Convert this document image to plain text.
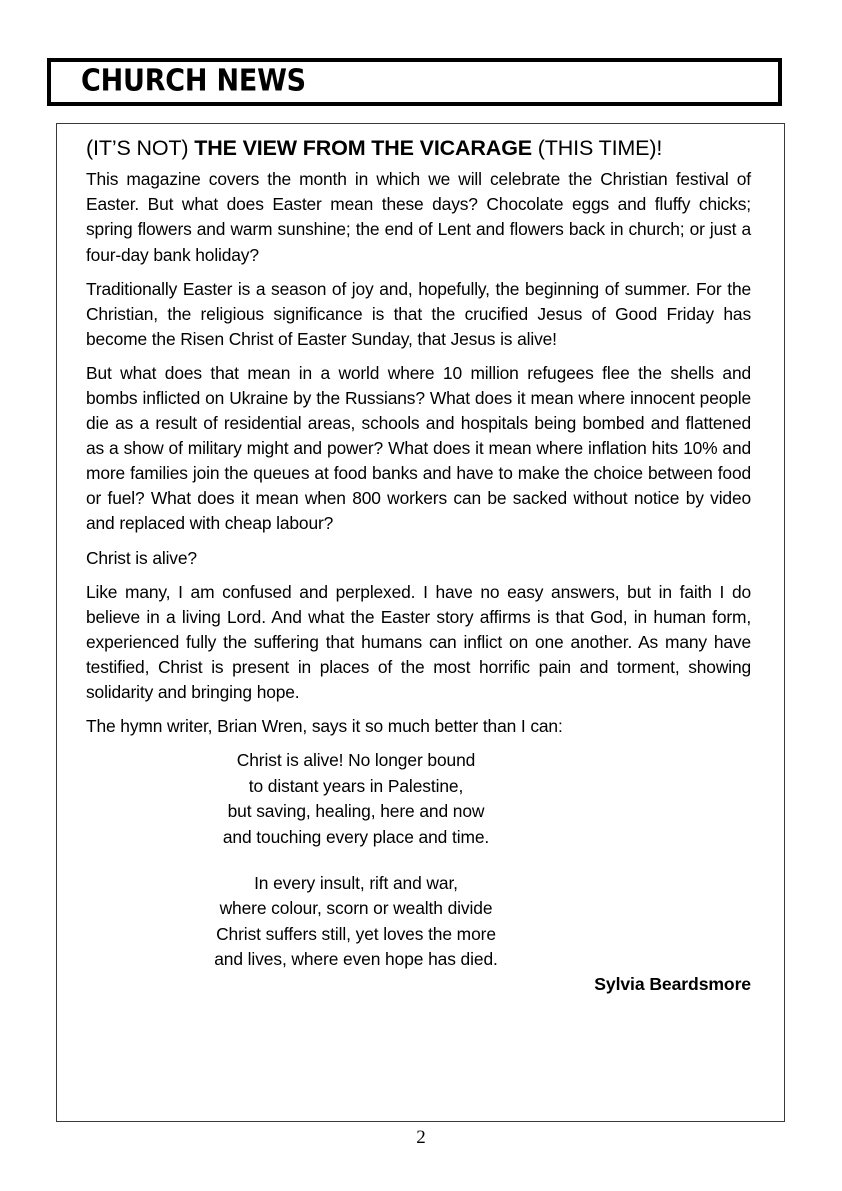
CHURCH NEWS
(IT’S NOT) THE VIEW FROM THE VICARAGE (THIS TIME)!

This magazine covers the month in which we will celebrate the Christian festival of Easter. But what does Easter mean these days? Chocolate eggs and fluffy chicks; spring flowers and warm sunshine; the end of Lent and flowers back in church; or just a four-day bank holiday?

Traditionally Easter is a season of joy and, hopefully, the beginning of summer. For the Christian, the religious significance is that the crucified Jesus of Good Friday has become the Risen Christ of Easter Sunday, that Jesus is alive!

But what does that mean in a world where 10 million refugees flee the shells and bombs inflicted on Ukraine by the Russians? What does it mean where innocent people die as a result of residential areas, schools and hospitals being bombed and flattened as a show of military might and power? What does it mean where inflation hits 10% and more families join the queues at food banks and have to make the choice between food or fuel? What does it mean when 800 workers can be sacked without notice by video and replaced with cheap labour?

Christ is alive?

Like many, I am confused and perplexed. I have no easy answers, but in faith I do believe in a living Lord. And what the Easter story affirms is that God, in human form, experienced fully the suffering that humans can inflict on one another. As many have testified, Christ is present in places of the most horrific pain and torment, showing solidarity and bringing hope.

The hymn writer, Brian Wren, says it so much better than I can:

Christ is alive! No longer bound
to distant years in Palestine,
but saving, healing, here and now
and touching every place and time.
In every insult, rift and war,
where colour, scorn or wealth divide
Christ suffers still, yet loves the more
and lives, where even hope has died.

Sylvia Beardsmore

2
